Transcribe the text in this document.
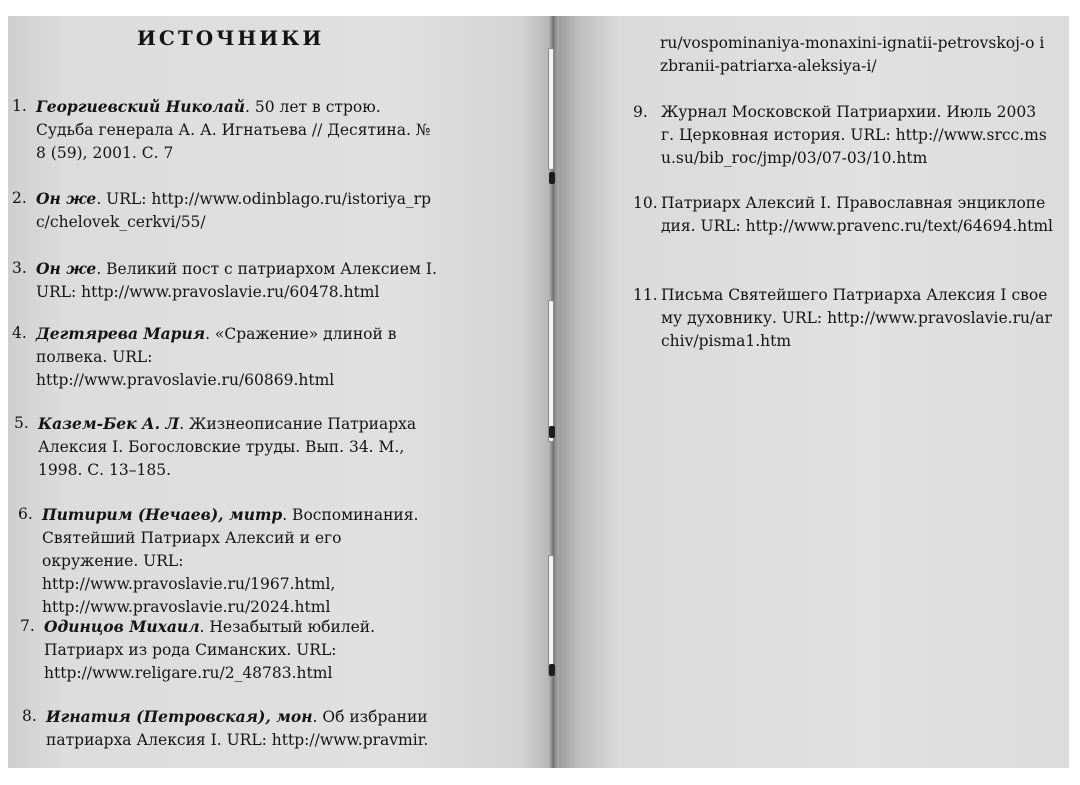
ИСТОЧНИКИ
1. Георгиевский Николай. 50 лет в строю. Судьба генерала А. А. Игнатьева // Десятина. № 8 (59), 2001. С. 7
2. Он же. URL: http://www.odinblago.ru/istoriya_rpc/chelovek_cerkvi/55/
3. Он же. Великий пост с патриархом Алексием I. URL: http://www.pravoslavie.ru/60478.html
4. Дегтярева Мария. «Сражение» длиной в полвека. URL: http://www.pravoslavie.ru/60869.html
5. Казем-Бек А. Л. Жизнеописание Патриарха Алексия I. Богословские труды. Вып. 34. М., 1998. С. 13–185.
6. Питирим (Нечаев), митр. Воспоминания. Святейший Патриарх Алексий и его окружение. URL: http://www.pravoslavie.ru/1967.html, http://www.pravoslavie.ru/2024.html
7. Одинцов Михаил. Незабытый юбилей. Патриарх из рода Симанских. URL: http://www.religare.ru/2_48783.html
8. Игнатия (Петровская), мон. Об избрании патриарха Алексия I. URL: http://www.pravmir.
ru/vospominaniya-monaxini-ignatii-petrovskoj-o izbranii-patriarxa-aleksiya-i/
9. Журнал Московской Патриархии. Июль 2003 г. Церковная история. URL: http://www.srcc.msu.su/bib_roc/jmp/03/07-03/10.htm
10. Патриарх Алексий I. Православная энциклопедия. URL: http://www.pravenc.ru/text/64694.html
11. Письма Святейшего Патриарха Алексия I своему духовнику. URL: http://www.pravoslavie.ru/archiv/pisma1.htm
